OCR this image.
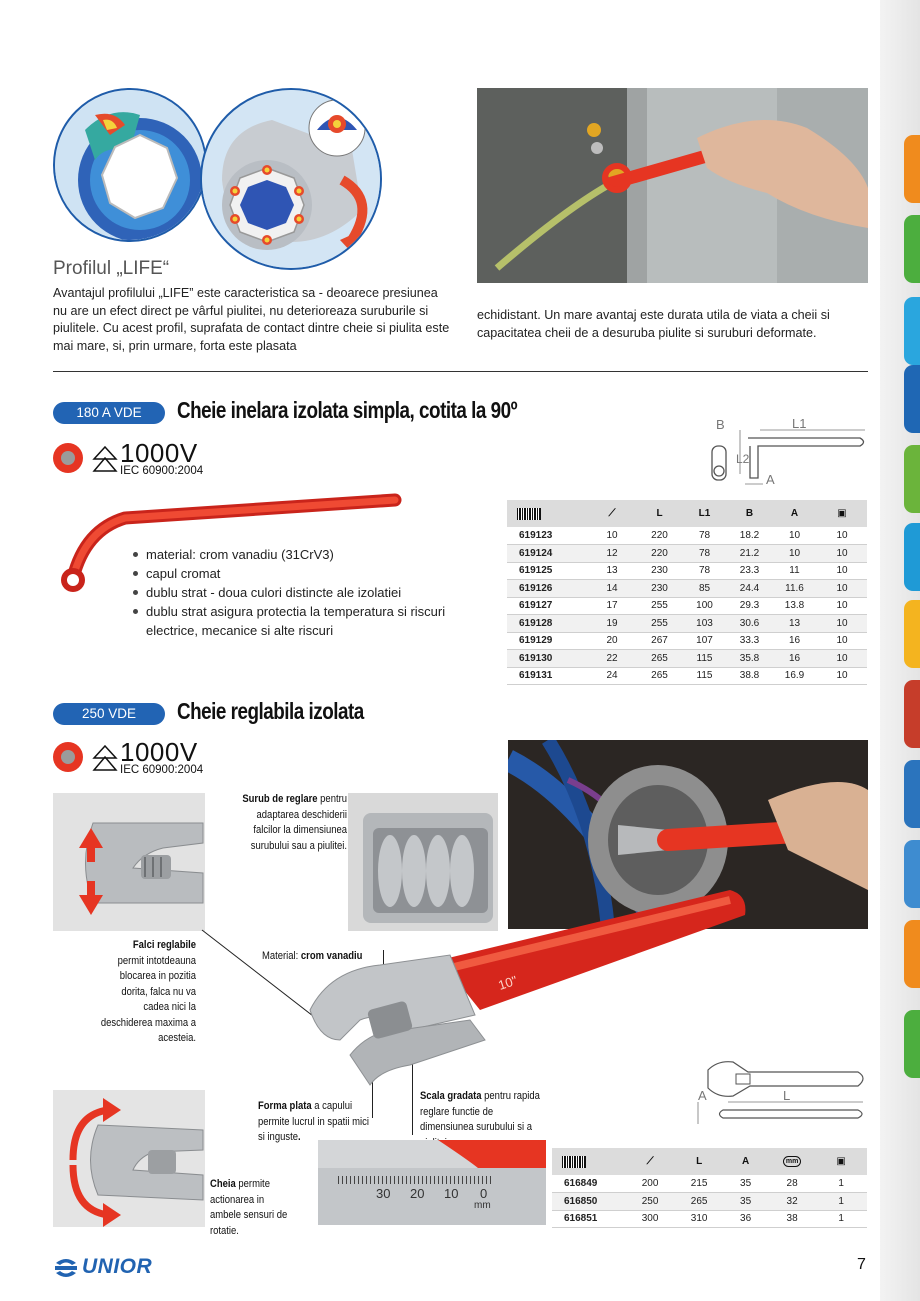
Profilul „LIFE“
Avantajul profilului „LIFE” este caracteristica sa - deoarece presiunea nu are un efect direct pe vârful piulitei, nu deterioreaza suruburile si piulitele. Cu acest profil, suprafata de contact dintre cheie si piulita este mai mare, si, prin urmare, forta este plasata
echidistant. Un mare avantaj este durata utila de viata a cheii si capacitatea cheii de a desuruba piulite si suruburi deformate.
180 A VDE	Cheie inelara izolata simpla, cotita la 90º
1000V
IEC 60900:2004
B	L1
L2
A
material: crom vanadiu (31CrV3)
capul cromat
dublu strat - doua culori distincte ale izolatiei
dublu strat asigura protectia la temperatura si riscuri electrice, mecanice si alte riscuri
	⟋	L	L1	B	A	▣
619123	10	220	78	18.2	10	10
619124	12	220	78	21.2	10	10
619125	13	230	78	23.3	11	10
619126	14	230	85	24.4	11.6	10
619127	17	255	100	29.3	13.8	10
619128	19	255	103	30.6	13	10
619129	20	267	107	33.3	16	10
619130	22	265	115	35.8	16	10
619131	24	265	115	38.8	16.9	10
250 VDE	Cheie reglabila izolata
1000V
IEC 60900:2004
Surub de reglare pentru adaptarea deschiderii falcilor la dimensiunea surubului sau a piulitei.
Falci reglabile
permit intotdeauna blocarea in pozitia dorita, falca nu va cadea nici la deschiderea maxima a acesteia.
Material: crom vanadiu
10"
Forma plata a capului permite lucrul in spatii mici si inguste.
Scala gradata pentru rapida reglare functie de dimensiunea surubului si a
Cheia permite actionarea in ambele sensuri de rotatie.
30 20 10 0
mm
A	L
	⟋	L	A	mm	▣
616849	200	215	35	28	1
616850	250	265	35	32	1
616851	300	310	36	38	1
UNIOR	7
